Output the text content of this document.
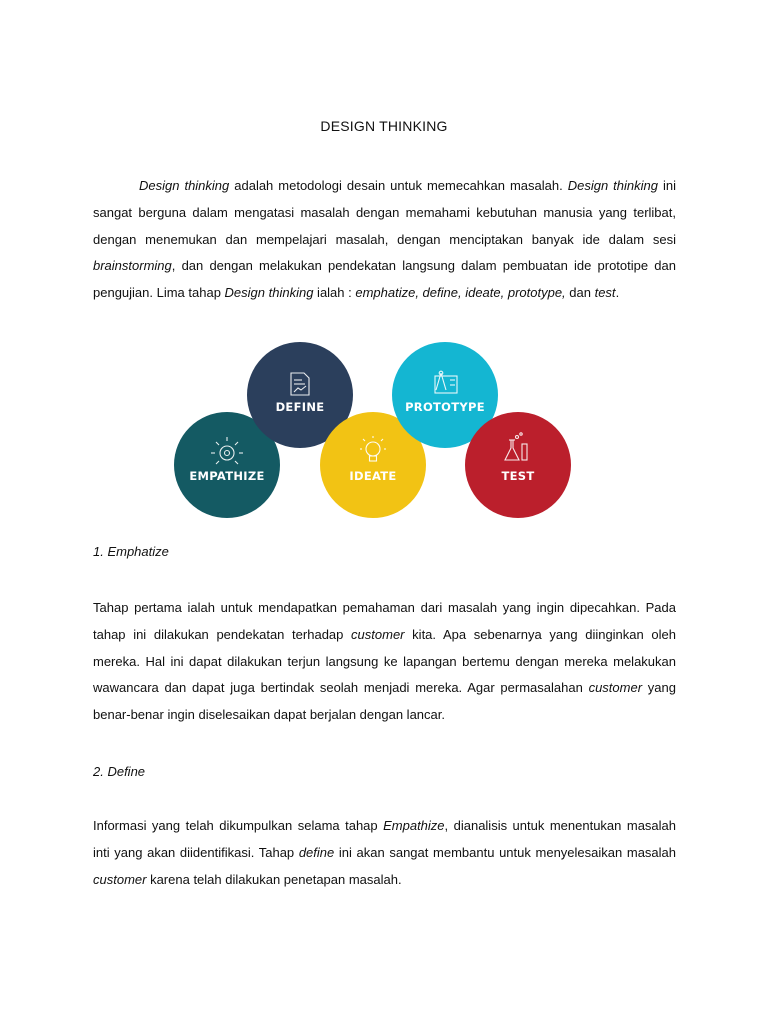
DESIGN THINKING

Design thinking adalah metodologi desain untuk memecahkan masalah. Design thinking ini sangat berguna dalam mengatasi masalah dengan memahami kebutuhan manusia yang terlibat, dengan menemukan dan mempelajari masalah, dengan menciptakan banyak ide dalam sesi brainstorming, dan dengan melakukan pendekatan langsung dalam pembuatan ide prototipe dan pengujian. Lima tahap Design thinking ialah : emphatize, define, ideate, prototype, dan test.

EMPATHIZE
DEFINE
IDEATE
PROTOTYPE
TEST

1. Emphatize

Tahap pertama ialah untuk mendapatkan pemahaman dari masalah yang ingin dipecahkan. Pada tahap ini dilakukan pendekatan terhadap customer kita. Apa sebenarnya yang diinginkan oleh mereka. Hal ini dapat dilakukan terjun langsung ke lapangan bertemu dengan mereka melakukan wawancara dan dapat juga bertindak seolah menjadi mereka. Agar permasalahan customer yang benar-benar ingin diselesaikan dapat berjalan dengan lancar.

2. Define

Informasi yang telah dikumpulkan selama tahap Empathize, dianalisis untuk menentukan masalah inti yang akan diidentifikasi. Tahap define ini akan sangat membantu untuk menyelesaikan masalah customer karena telah dilakukan penetapan masalah.
